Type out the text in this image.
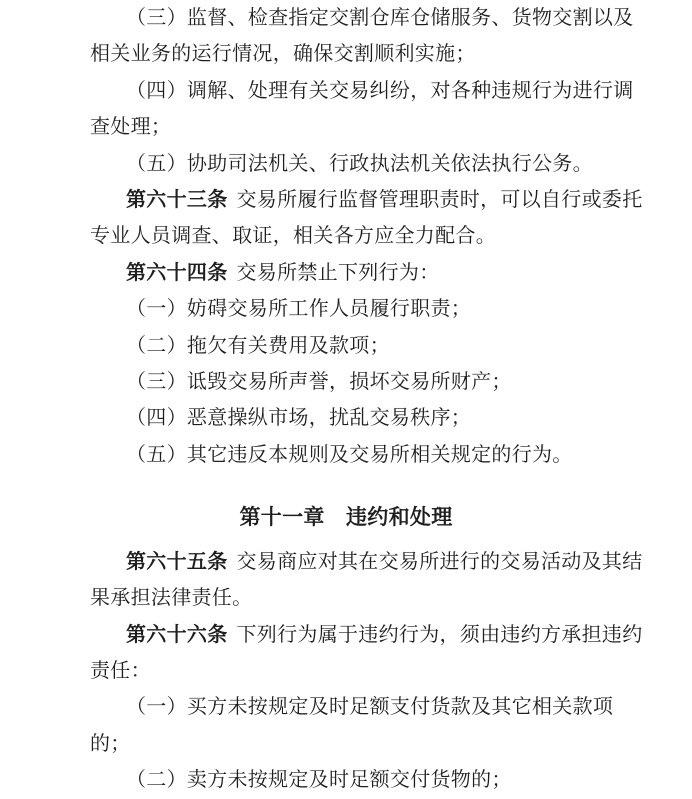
（三）监督、检查指定交割仓库仓储服务、货物交割以及

相关业务的运行情况，确保交割顺利实施；

（四）调解、处理有关交易纠纷，对各种违规行为进行调

查处理；

（五）协助司法机关、行政执法机关依法执行公务。

第六十三条 交易所履行监督管理职责时，可以自行或委托

专业人员调查、取证，相关各方应全力配合。

第六十四条 交易所禁止下列行为：

（一）妨碍交易所工作人员履行职责；

（二）拖欠有关费用及款项；

（三）诋毁交易所声誉，损坏交易所财产；

（四）恶意操纵市场，扰乱交易秩序；

（五）其它违反本规则及交易所相关规定的行为。

第十一章　违约和处理

第六十五条 交易商应对其在交易所进行的交易活动及其结

果承担法律责任。

第六十六条 下列行为属于违约行为，须由违约方承担违约

责任：

（一）买方未按规定及时足额支付货款及其它相关款项

的；

（二）卖方未按规定及时足额交付货物的；
